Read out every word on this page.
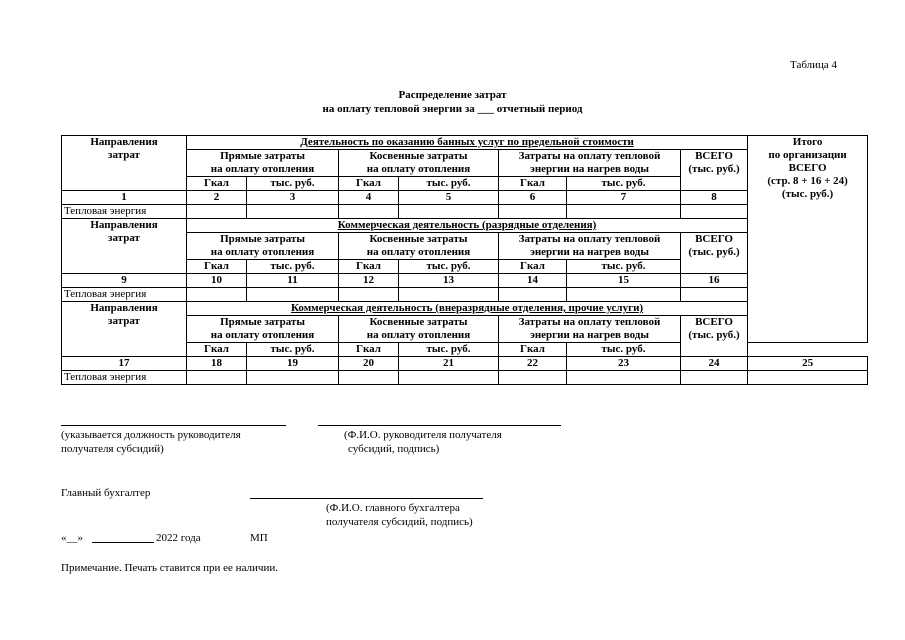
Таблица 4
Распределение затрат
на оплату тепловой энергии за ___ отчетный период
Направления
затрат	Деятельность по оказанию банных услуг по предельной стоимости							Итого
по организации
ВСЕГО
(стр. 8 + 16 + 24)
(тыс. руб.)
	Прямые затраты
на оплату отопления		Косвенные затраты
на оплату отопления		Затраты на оплату тепловой
энергии на нагрев воды		ВСЕГО
(тыс. руб.)	
	Гкал	тыс. руб.	Гкал	тыс. руб.	Гкал	тыс. руб.		
1	2	3	4	5	6	7	8	
Тепловая энергия								
Направления
затрат	Коммерческая деятельность (разрядные отделения)							
	Прямые затраты
на оплату отопления		Косвенные затраты
на оплату отопления		Затраты на оплату тепловой
энергии на нагрев воды		ВСЕГО
(тыс. руб.)	
	Гкал	тыс. руб.	Гкал	тыс. руб.	Гкал	тыс. руб.		
9	10	11	12	13	14	15	16	
Тепловая энергия								
Направления
затрат	Коммерческая деятельность (внеразрядные отделения, прочие услуги)							
	Прямые затраты
на оплату отопления		Косвенные затраты
на оплату отопления		Затраты на оплату тепловой
энергии на нагрев воды		ВСЕГО
(тыс. руб.)	
	Гкал	тыс. руб.	Гкал	тыс. руб.	Гкал	тыс. руб.		
17	18	19	20	21	22	23	24	25
Тепловая энергия								
(указывается должность руководителя
получателя субсидий)
(Ф.И.О. руководителя получателя
субсидий, подпись)
Главный бухгалтер
(Ф.И.О. главного бухгалтера
получателя субсидий, подпись)
«__»	2022 года	МП
Примечание. Печать ставится при ее наличии.
